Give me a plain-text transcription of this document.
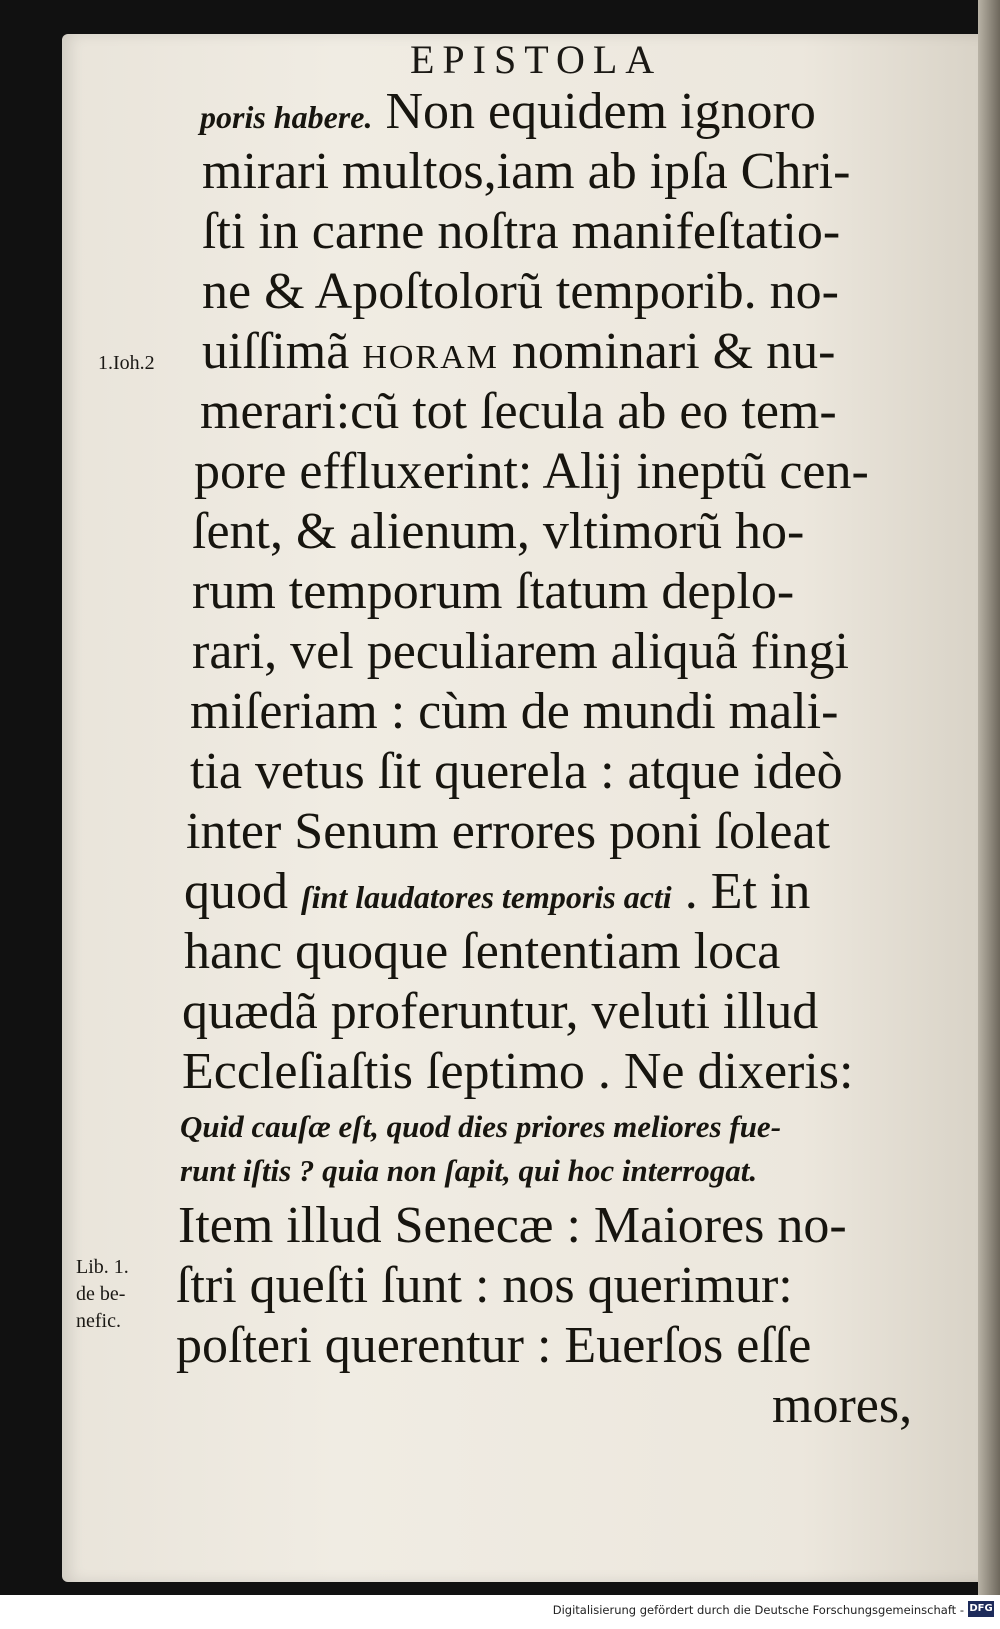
EPISTOLA
poris habere. Non equidem ignoro
mirari multos,iam ab ipſa Chri-
ſti in carne noſtra manifeſtatio-
ne & Apoſtolorũ temporib. no-
uiſſimã HORAM nominari & nu-
merari:cũ tot ſecula ab eo tem-
pore effluxerint: Alij ineptũ cen-
ſent, & alienum, vltimorũ ho-
rum temporum ſtatum deplo-
rari, vel peculiarem aliquã fingi
miſeriam : cùm de mundi mali-
tia vetus ſit querela : atque ideò
inter Senum errores poni ſoleat
quod ſint laudatores temporis acti . Et in
hanc quoque ſententiam loca
quædã proferuntur, veluti illud
Eccleſiaſtis ſeptimo . Ne dixeris:
Quid cauſæ eſt, quod dies priores meliores fue-
runt iſtis ? quia non ſapit, qui hoc interrogat.
Item illud Senecæ : Maiores no-
ſtri queſti ſunt : nos querimur:
poſteri querentur : Euerſos eſſe
mores,
1.Ioh.2
Lib. 1.
de be-
nefic.
Digitalisierung gefördert durch die Deutsche Forschungsgemeinschaft - DFG
